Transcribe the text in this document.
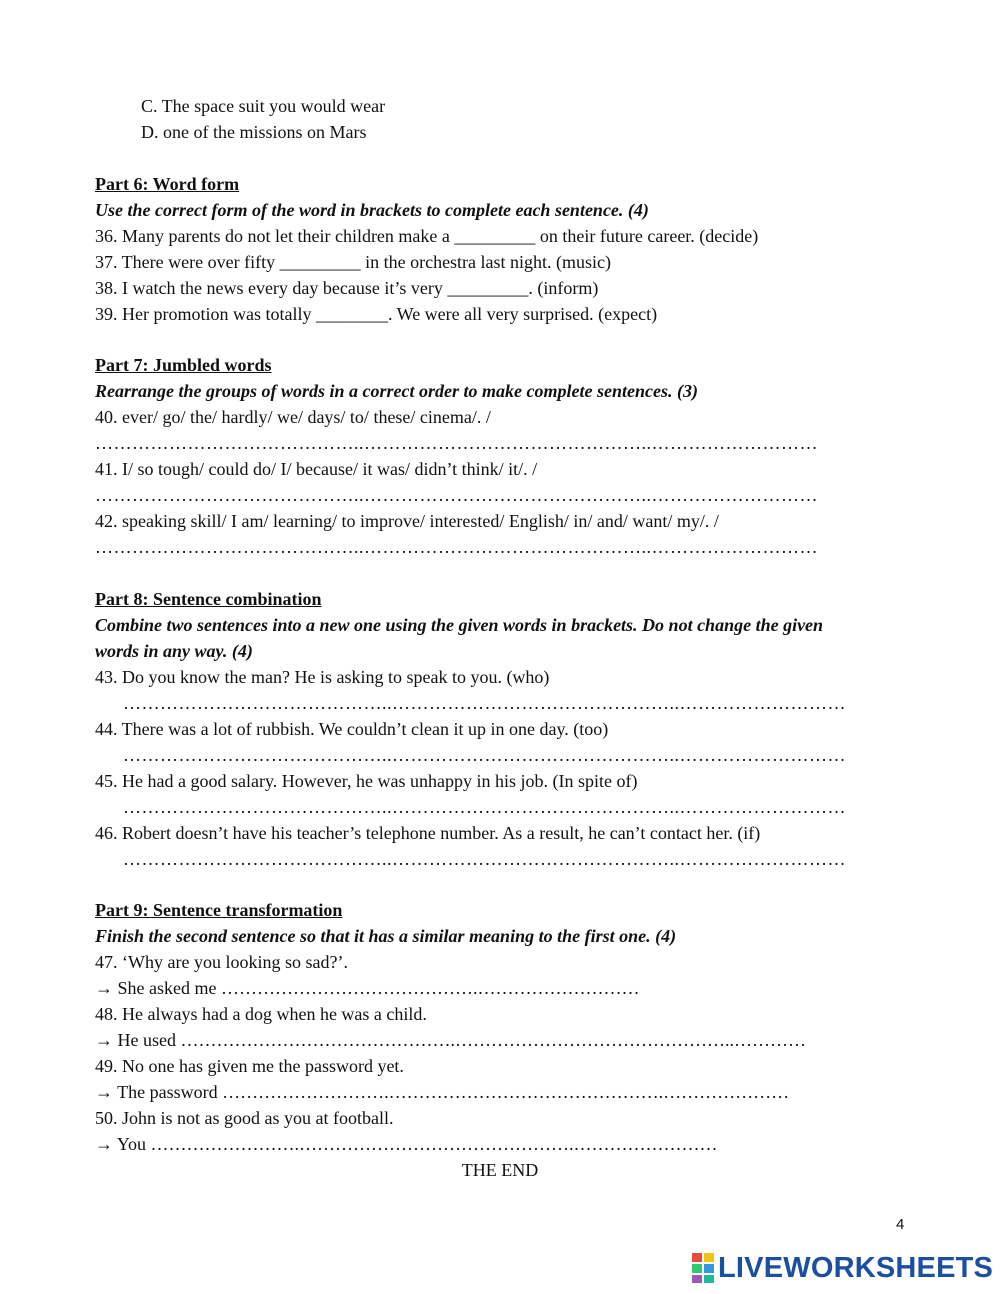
C. The space suit you would wear
D. one of the missions on Mars
Part 6: Word form
Use the correct form of the word in brackets to complete each sentence. (4)
36. Many parents do not let their children make a _________ on their future career. (decide)
37. There were over fifty _________ in the orchestra last night. (music)
38. I watch the news every day because it’s very _________. (inform)
39. Her promotion was totally ________. We were all very surprised. (expect)
Part 7: Jumbled words
Rearrange the groups of words in a correct order to make complete sentences. (3)
40. ever/ go/ the/ hardly/ we/ days/ to/ these/ cinema/. /
……………………………………..………………………………………..………………………
41. I/ so tough/ could do/ I/ because/ it was/ didn’t think/ it/. /
……………………………………..………………………………………..………………………
42. speaking skill/ I am/ learning/ to improve/ interested/ English/ in/ and/ want/ my/. /
……………………………………..………………………………………..………………………
Part 8: Sentence combination
Combine two sentences into a new one using the given words in brackets. Do not change the given
words in any way. (4)
43. Do you know the man? He is asking to speak to you. (who)
……………………………………..………………………………………..………………………
44. There was a lot of rubbish. We couldn’t clean it up in one day. (too)
……………………………………..………………………………………..………………………
45. He had a good salary. However, he was unhappy in his job. (In spite of)
……………………………………..………………………………………..………………………
46. Robert doesn’t have his teacher’s telephone number. As a result, he can’t contact her. (if)
……………………………………..………………………………………..………………………
Part 9: Sentence transformation
Finish the second sentence so that it has a similar meaning to the first one. (4)
47. ‘Why are you looking so sad?’.
→ She asked me …………………………………….………………………
48. He always had a dog when he was a child.
→ He used ……………………………………….………………………………………..…………
49. No one has given me the password yet.
→ The password ……………………….……………………………………….…………………
50. John is not as good as you at football.
→ You …………………….……………………………………….……………………
THE END
4
LIVEWORKSHEETS
